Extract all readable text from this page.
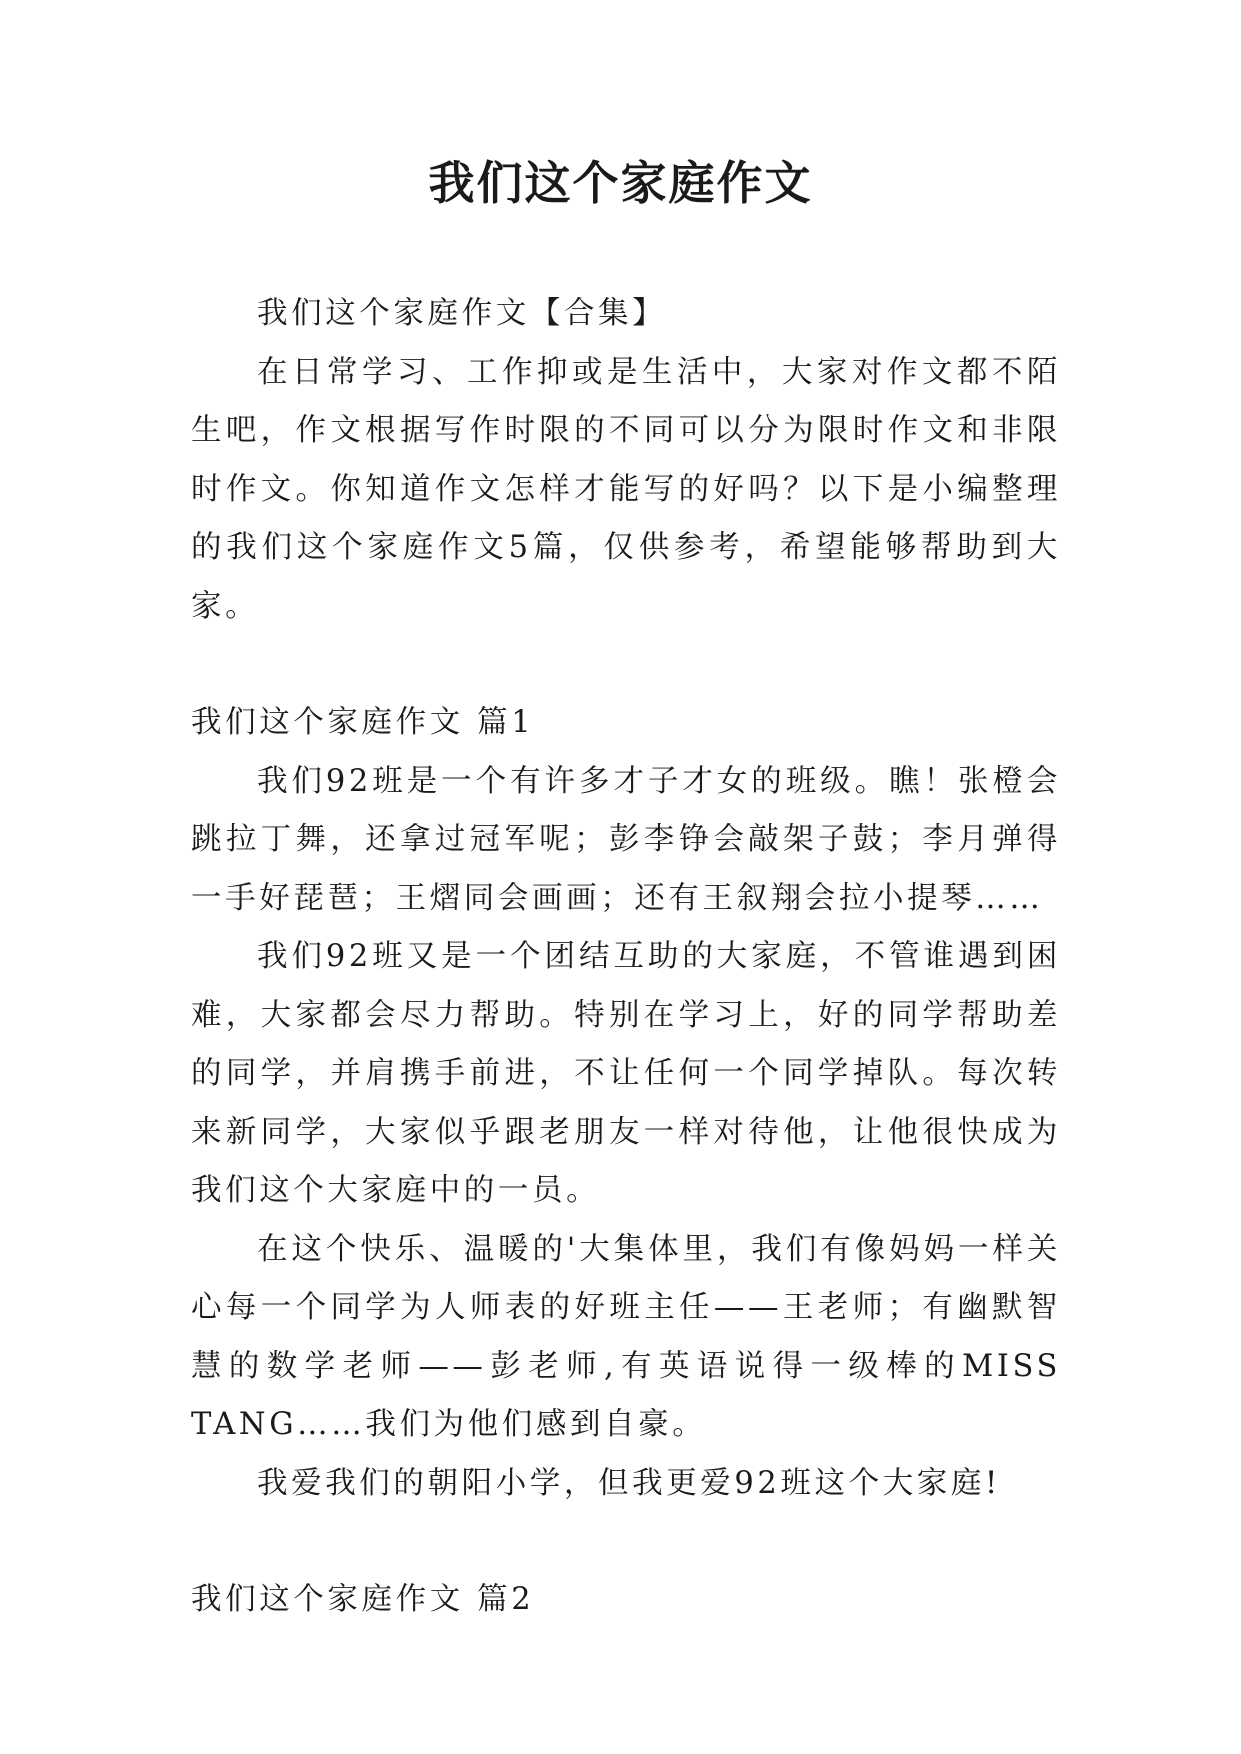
我们这个家庭作文

我们这个家庭作文【合集】

在日常学习、工作抑或是生活中，大家对作文都不陌生吧，作文根据写作时限的不同可以分为限时作文和非限时作文。你知道作文怎样才能写的好吗？以下是小编整理的我们这个家庭作文5篇，仅供参考，希望能够帮助到大家。

我们这个家庭作文 篇1

我们92班是一个有许多才子才女的班级。瞧！张橙会跳拉丁舞，还拿过冠军呢；彭李铮会敲架子鼓；李月弹得一手好琵琶；王熠同会画画；还有王叙翔会拉小提琴……

我们92班又是一个团结互助的大家庭，不管谁遇到困难，大家都会尽力帮助。特别在学习上，好的同学帮助差的同学，并肩携手前进，不让任何一个同学掉队。每次转来新同学，大家似乎跟老朋友一样对待他，让他很快成为我们这个大家庭中的一员。

在这个快乐、温暖的'大集体里，我们有像妈妈一样关心每一个同学为人师表的好班主任——王老师；有幽默智慧的数学老师——彭老师,有英语说得一级棒的MISS TANG……我们为他们感到自豪。

我爱我们的朝阳小学，但我更爱92班这个大家庭!

我们这个家庭作文 篇2
